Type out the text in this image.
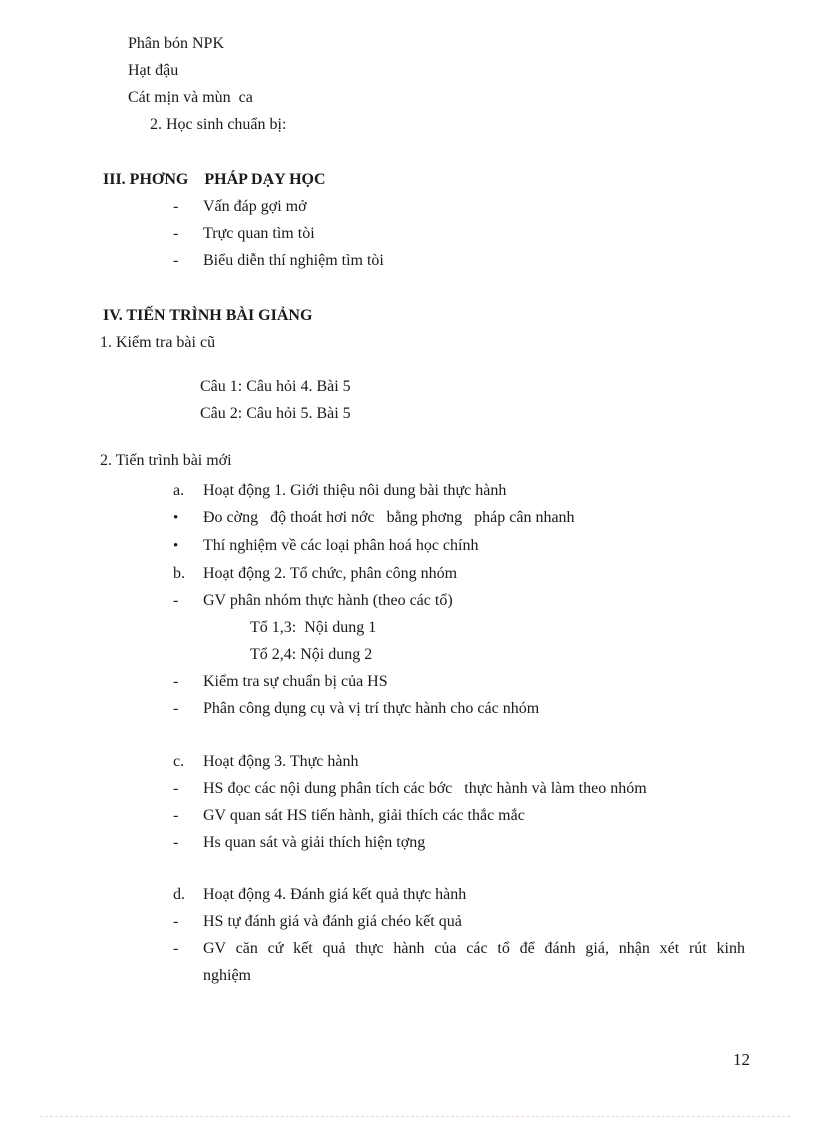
Phân bón NPK
Hạt đậu
Cát mịn và mùn  ca
2. Học sinh chuẩn bị:
III. PHƠNG    PHÁP DẠY HỌC
- Vấn đáp gợi mở
- Trực quan tìm tòi
- Biểu diễn thí nghiệm tìm tòi
IV. TIẾN TRÌNH BÀI GIẢNG
1. Kiểm tra bài cũ
Câu 1: Câu hỏi 4. Bài 5
Câu 2: Câu hỏi 5. Bài 5
2. Tiến trình bài mới
a. Hoạt động 1. Giới thiệu nôi dung bài thực hành
• Đo cờng   độ thoát hơi nớc   bằng phơng   pháp cân nhanh
• Thí nghiệm về các loại phân hoá học chính
b. Hoạt động 2. Tổ chức, phân công nhóm
- GV phân nhóm thực hành (theo các tổ)
Tổ 1,3:  Nội dung 1
Tổ 2,4: Nội dung 2
- Kiểm tra sự chuẩn bị của HS
- Phân công dụng cụ và vị trí thực hành cho các nhóm
c. Hoạt động 3. Thực hành
- HS đọc các nội dung phân tích các bớc   thực hành và làm theo nhóm
- GV quan sát HS tiến hành, giải thích các thắc mắc
- Hs quan sát và giải thích hiện tợng
d. Hoạt động 4. Đánh giá kết quả thực hành
- HS tự đánh giá và đánh giá chéo kết quả
-	GV căn cứ kết quả thực hành của các tổ để đánh giá, nhận xét rút kinh
nghiệm
12
